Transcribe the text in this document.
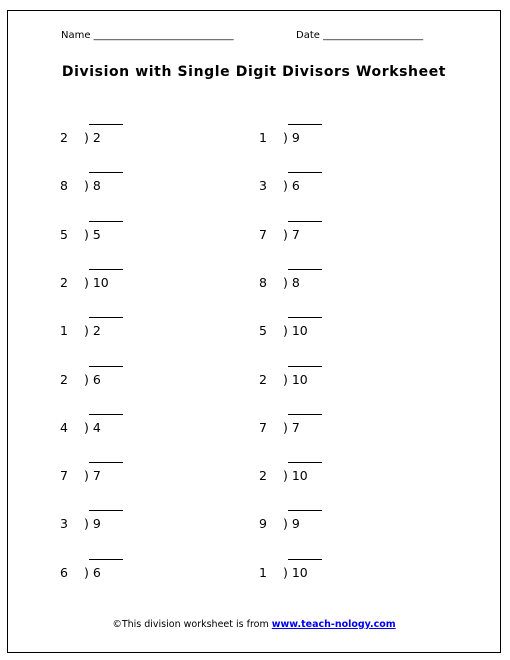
Name ____________________________	Date ____________________
Division with Single Digit Divisors Worksheet
2 ) 2
8 ) 8
5 ) 5
2 ) 10
1 ) 2
2 ) 6
4 ) 4
7 ) 7
3 ) 9
6 ) 6
1 ) 9
3 ) 6
7 ) 7
8 ) 8
5 ) 10
2 ) 10
7 ) 7
2 ) 10
9 ) 9
1 ) 10
©This division worksheet is from www.teach-nology.com
